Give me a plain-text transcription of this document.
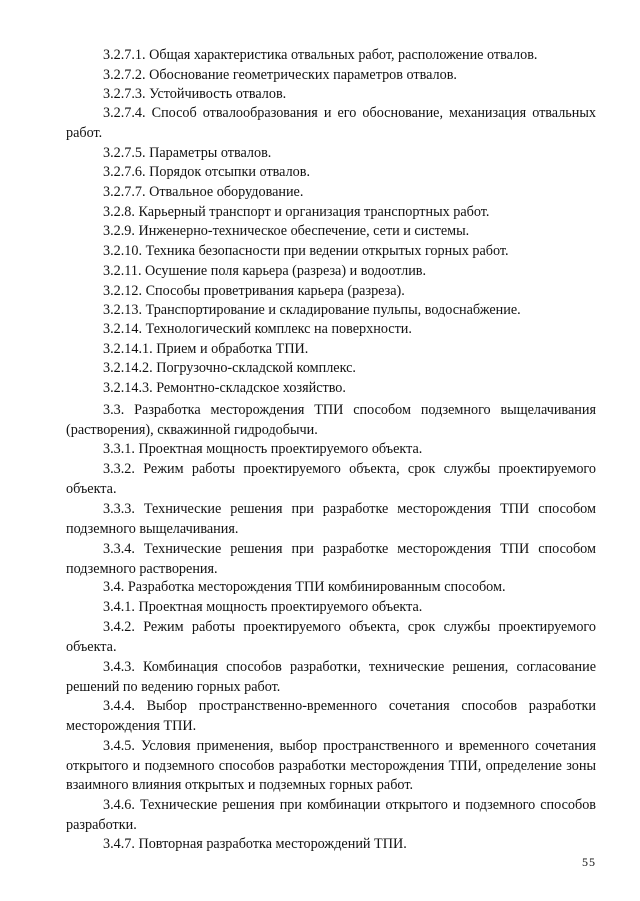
3.2.7.1. Общая характеристика отвальных работ, расположение отвалов.
3.2.7.2. Обоснование геометрических параметров отвалов.
3.2.7.3. Устойчивость отвалов.
3.2.7.4. Способ отвалообразования и его обоснование, механизация отвальных работ.
3.2.7.5. Параметры отвалов.
3.2.7.6. Порядок отсыпки отвалов.
3.2.7.7. Отвальное оборудование.
3.2.8. Карьерный транспорт и организация транспортных работ.
3.2.9. Инженерно-техническое обеспечение, сети и системы.
3.2.10. Техника безопасности при ведении открытых горных работ.
3.2.11. Осушение поля карьера (разреза) и водоотлив.
3.2.12. Способы проветривания карьера (разреза).
3.2.13. Транспортирование и складирование пульпы, водоснабжение.
3.2.14. Технологический комплекс на поверхности.
3.2.14.1. Прием и обработка ТПИ.
3.2.14.2. Погрузочно-складской комплекс.
3.2.14.3. Ремонтно-складское хозяйство.
3.3. Разработка месторождения ТПИ способом подземного выщелачивания (растворения), скважинной гидродобычи.
3.3.1. Проектная мощность проектируемого объекта.
3.3.2. Режим работы проектируемого объекта, срок службы проектируемого объекта.
3.3.3. Технические решения при разработке месторождения ТПИ способом подземного выщелачивания.
3.3.4. Технические решения при разработке месторождения ТПИ способом подземного растворения.
3.4. Разработка месторождения ТПИ комбинированным способом.
3.4.1. Проектная мощность проектируемого объекта.
3.4.2. Режим работы проектируемого объекта, срок службы проектируемого объекта.
3.4.3. Комбинация способов разработки, технические решения, согласование решений по ведению горных работ.
3.4.4. Выбор пространственно-временного сочетания способов разработки месторождения ТПИ.
3.4.5. Условия применения, выбор пространственного и временного сочетания открытого и подземного способов разработки месторождения ТПИ, определение зоны взаимного влияния открытых и подземных горных работ.
3.4.6. Технические решения при комбинации открытого и подземного способов разработки.
3.4.7. Повторная разработка месторождений ТПИ.
55
